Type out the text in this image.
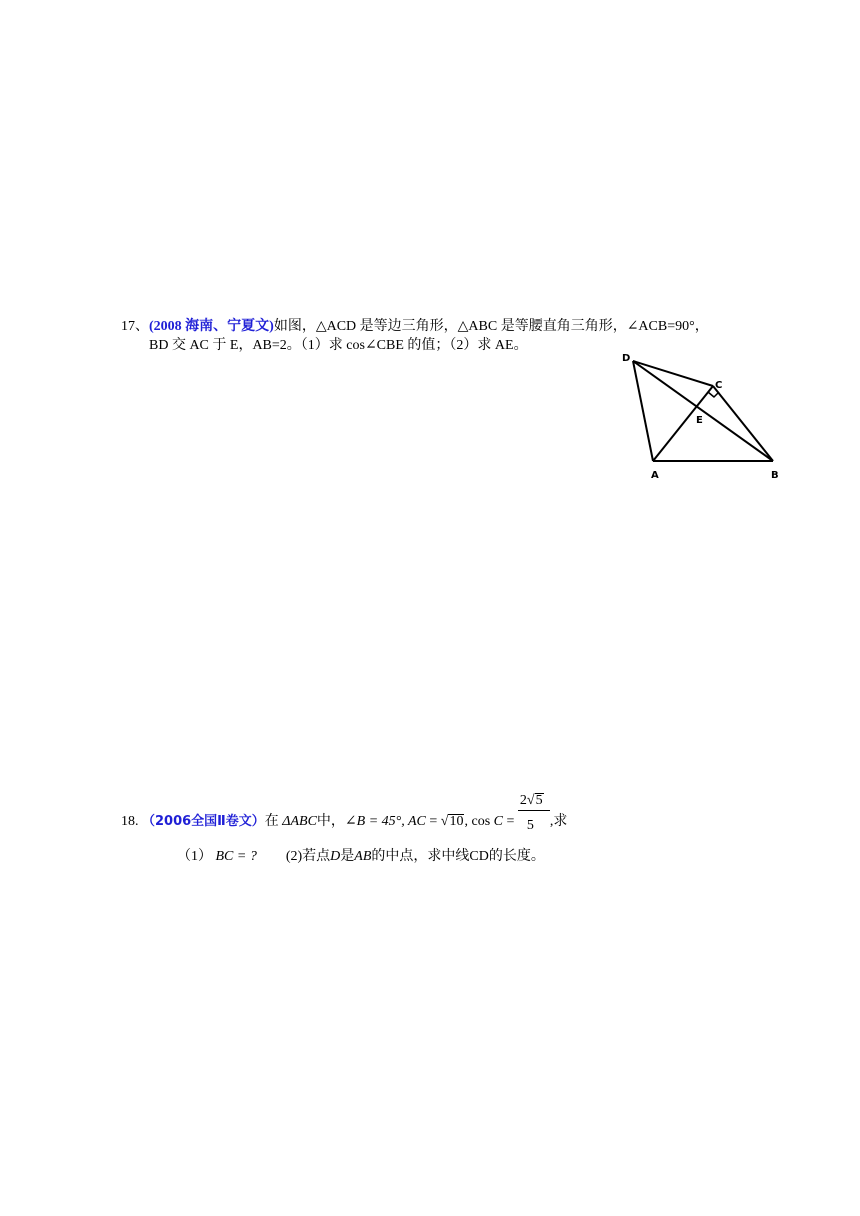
17、(2008 海南、宁夏文)如图，△ACD 是等边三角形，△ABC 是等腰直角三角形，∠ACB=90°，
BD 交 AC 于 E，AB=2。（1）求 cos∠CBE 的值；（2）求 AE。
D
C
E
A	B
18. （2006全国Ⅱ卷文）在 ΔABC中，∠B = 45°, AC = √10, $\cos C = \frac{2√5}{5}$ ,求
（1） BC = ? (2)若点D是AB的中点，求中线CD的长度。
